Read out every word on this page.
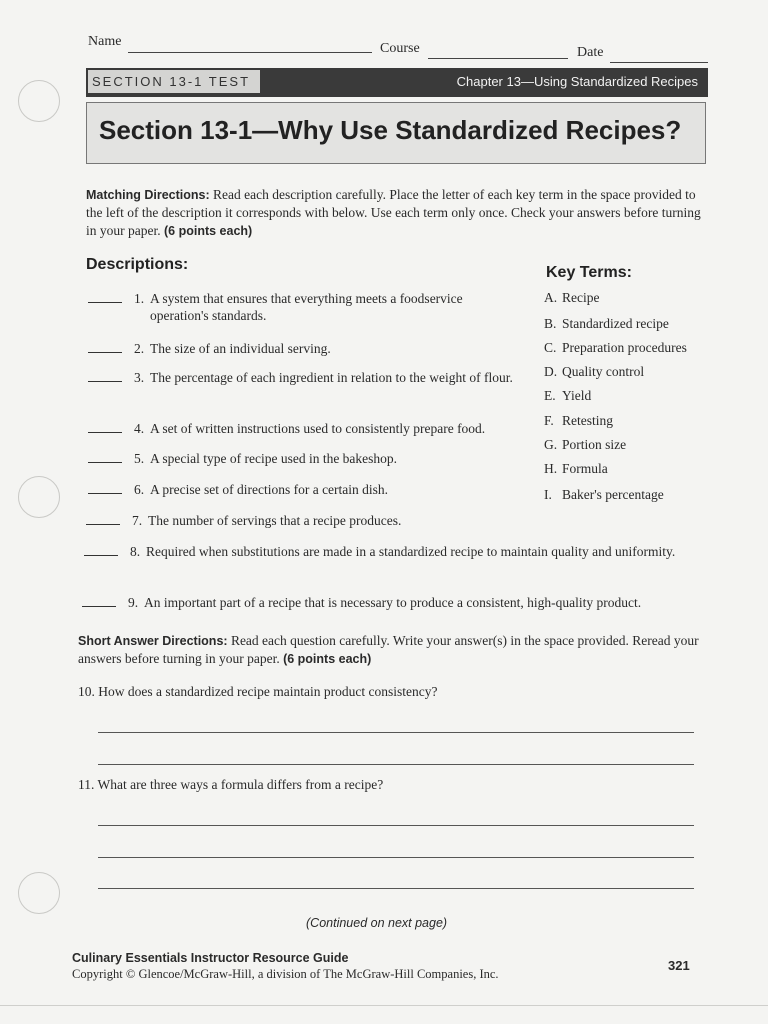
Name	Course	Date
SECTION 13-1 TEST	Chapter 13—Using Standardized Recipes
Section 13-1—Why Use Standardized Recipes?
Matching Directions: Read each description carefully. Place the letter of each key term in the space provided to the left of the description it corresponds with below. Use each term only once. Check your answers before turning in your paper. (6 points each)
Descriptions:	Key Terms:
1. A system that ensures that everything meets a foodservice operation's standards.
2. The size of an individual serving.
3. The percentage of each ingredient in relation to the weight of flour.
4. A set of written instructions used to consistently prepare food.
5. A special type of recipe used in the bakeshop.
6. A precise set of directions for a certain dish.
7. The number of servings that a recipe produces.
8. Required when substitutions are made in a standardized recipe to maintain quality and uniformity.
9. An important part of a recipe that is necessary to produce a consistent, high-quality product.
A. Recipe
B. Standardized recipe
C. Preparation procedures
D. Quality control
E. Yield
F. Retesting
G. Portion size
H. Formula
I. Baker's percentage
Short Answer Directions: Read each question carefully. Write your answer(s) in the space provided. Reread your answers before turning in your paper. (6 points each)
10. How does a standardized recipe maintain product consistency?
11. What are three ways a formula differs from a recipe?
(Continued on next page)
Culinary Essentials Instructor Resource Guide
Copyright © Glencoe/McGraw-Hill, a division of The McGraw-Hill Companies, Inc.
321
